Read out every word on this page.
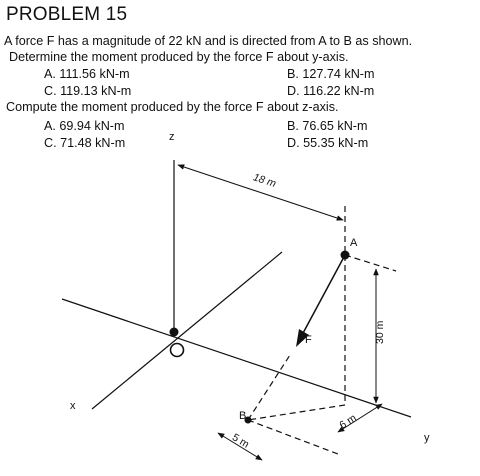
PROBLEM 15
A force F has a magnitude of 22 kN and is directed from A to B as shown.
Determine the moment produced by the force F about y-axis.
A. 111.56 kN-m	B. 127.74 kN-m
C. 119.13 kN-m	D. 116.22 kN-m
Compute the moment produced by the force F about z-axis.
A. 69.94 kN-m	B. 76.65 kN-m
C. 71.48 kN-m	D. 55.35 kN-m
z
x
y
A
B
F
18 m
30 m
6 m
5 m
